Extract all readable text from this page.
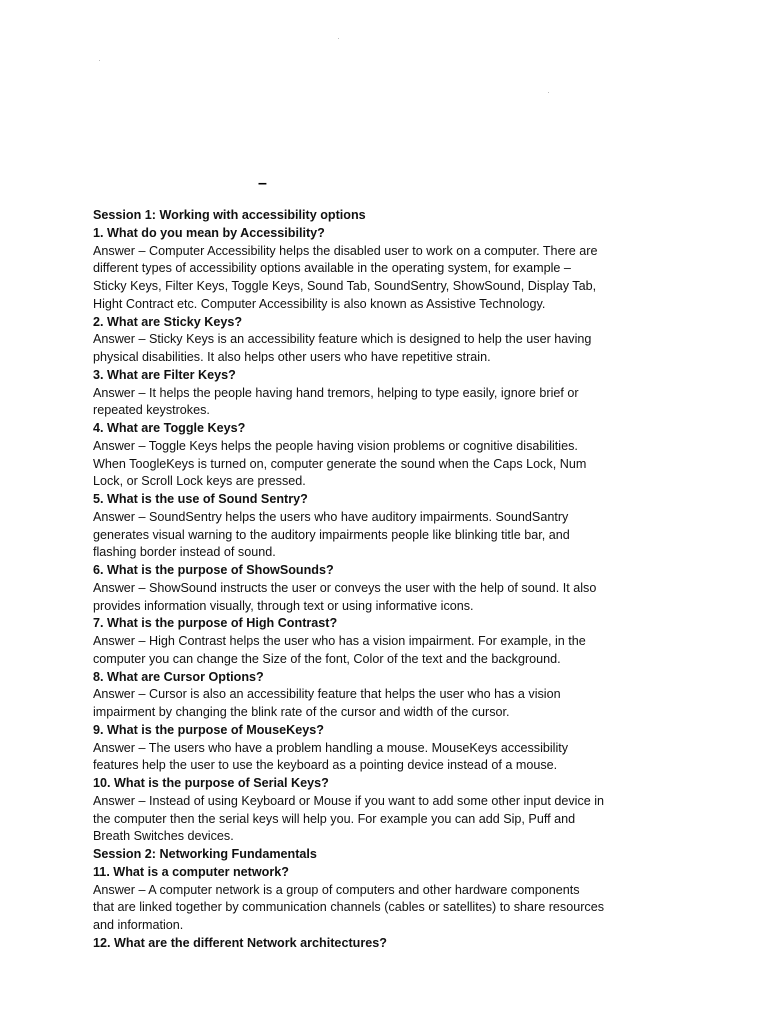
–
Session 1: Working with accessibility options
1. What do you mean by Accessibility?
Answer – Computer Accessibility helps the disabled user to work on a computer. There are
different types of accessibility options available in the operating system, for example –
Sticky Keys, Filter Keys, Toggle Keys, Sound Tab, SoundSentry, ShowSound, Display Tab,
Hight Contract etc. Computer Accessibility is also known as Assistive Technology.
2. What are Sticky Keys?
Answer – Sticky Keys is an accessibility feature which is designed to help the user having
physical disabilities. It also helps other users who have repetitive strain.
3. What are Filter Keys?
Answer – It helps the people having hand tremors, helping to type easily, ignore brief or
repeated keystrokes.
4. What are Toggle Keys?
Answer – Toggle Keys helps the people having vision problems or cognitive disabilities.
When ToogleKeys is turned on, computer generate the sound when the Caps Lock, Num
Lock, or Scroll Lock keys are pressed.
5. What is the use of Sound Sentry?
Answer – SoundSentry helps the users who have auditory impairments. SoundSantry
generates visual warning to the auditory impairments people like blinking title bar, and
flashing border instead of sound.
6. What is the purpose of ShowSounds?
Answer – ShowSound instructs the user or conveys the user with the help of sound. It also
provides information visually, through text or using informative icons.
7. What is the purpose of High Contrast?
Answer – High Contrast helps the user who has a vision impairment. For example, in the
computer you can change the Size of the font, Color of the text and the background.
8. What are Cursor Options?
Answer – Cursor is also an accessibility feature that helps the user who has a vision
impairment by changing the blink rate of the cursor and width of the cursor.
9. What is the purpose of MouseKeys?
Answer – The users who have a problem handling a mouse. MouseKeys accessibility
features help the user to use the keyboard as a pointing device instead of a mouse.
10. What is the purpose of Serial Keys?
Answer – Instead of using Keyboard or Mouse if you want to add some other input device in
the computer then the serial keys will help you. For example you can add Sip, Puff and
Breath Switches devices.
Session 2: Networking Fundamentals
11. What is a computer network?
Answer – A computer network is a group of computers and other hardware components
that are linked together by communication channels (cables or satellites) to share resources
and information.
12. What are the different Network architectures?
